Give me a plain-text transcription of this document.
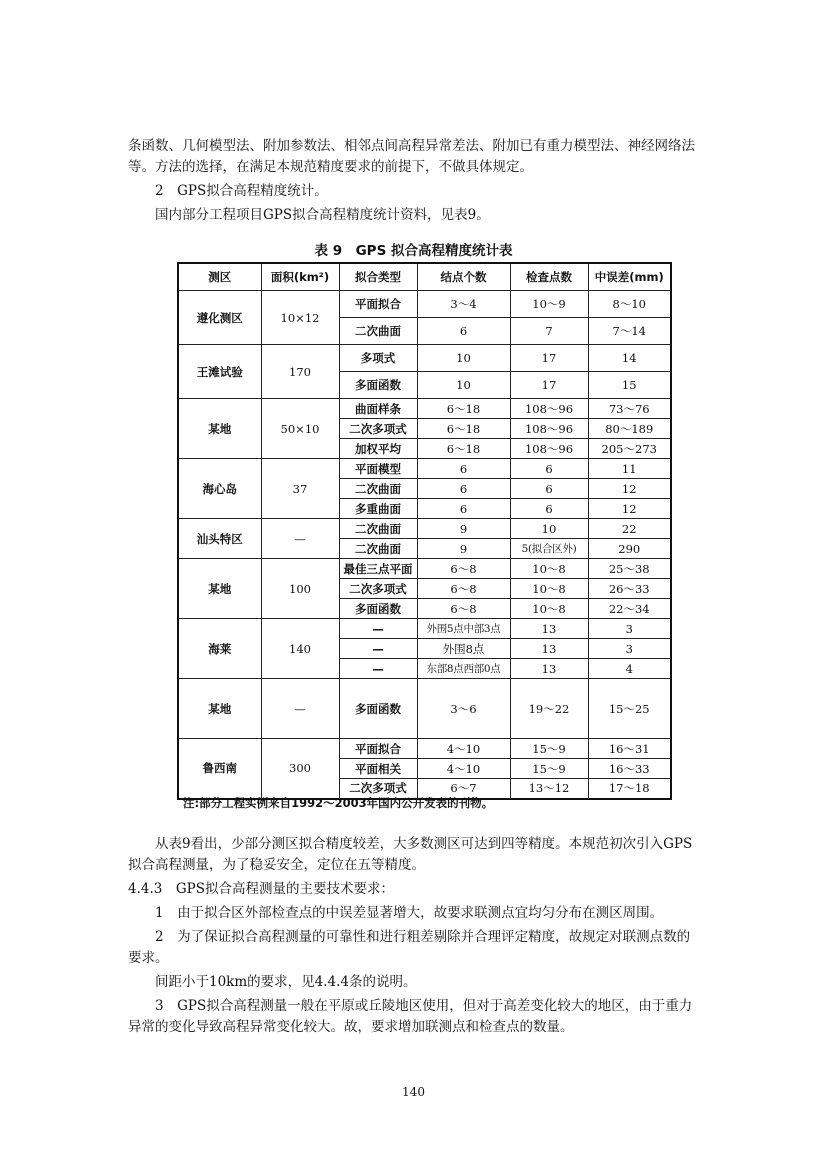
条函数、几何模型法、附加参数法、相邻点间高程异常差法、附加已有重力模型法、神经网络法等。方法的选择，在满足本规范精度要求的前提下，不做具体规定。

2　GPS拟合高程精度统计。

国内部分工程项目GPS拟合高程精度统计资料，见表9。

表 9　GPS 拟合高程精度统计表
测区	面积(km²)	拟合类型	结点个数	检查点数	中误差(mm)
遵化测区	10×12	平面拟合	3～4	10～9	8～10
		二次曲面	6	7	7～14
王滩试验	170	多项式	10	17	14
		多面函数	10	17	15
某地	50×10	曲面样条	6～18	108～96	73～76
		二次多项式	6～18	108～96	80～189
		加权平均	6～18	108～96	205～273
海心岛	37	平面模型	6	6	11
		二次曲面	6	6	12
		多重曲面	6	6	12
汕头特区	—	二次曲面	9	10	22
		二次曲面	9	5(拟合区外)	290
某地	100	最佳三点平面	6～8	10～8	25～38
		二次多项式	6～8	10～8	26～33
		多面函数	6～8	10～8	22～34
海莱	140	—	外围5点中部3点	13	3
		—	外围8点	13	3
		—	东部8点西部0点	13	4
某地	—	多面函数	3～6	19～22	15～25
鲁西南	300	平面拟合	4～10	15～9	16～31
		平面相关	4～10	15～9	16～33
		二次多项式	6～7	13～12	17～18
注:部分工程实例来自1992～2003年国内公开发表的刊物。

从表9看出，少部分测区拟合精度较差，大多数测区可达到四等精度。本规范初次引入GPS拟合高程测量，为了稳妥安全，定位在五等精度。

4.4.3　GPS拟合高程测量的主要技术要求：

1　由于拟合区外部检查点的中误差显著增大，故要求联测点宜均匀分布在测区周围。

2　为了保证拟合高程测量的可靠性和进行粗差剔除并合理评定精度，故规定对联测点数的要求。

间距小于10km的要求，见4.4.4条的说明。

3　GPS拟合高程测量一般在平原或丘陵地区使用，但对于高差变化较大的地区，由于重力异常的变化导致高程异常变化较大。故，要求增加联测点和检查点的数量。

140
